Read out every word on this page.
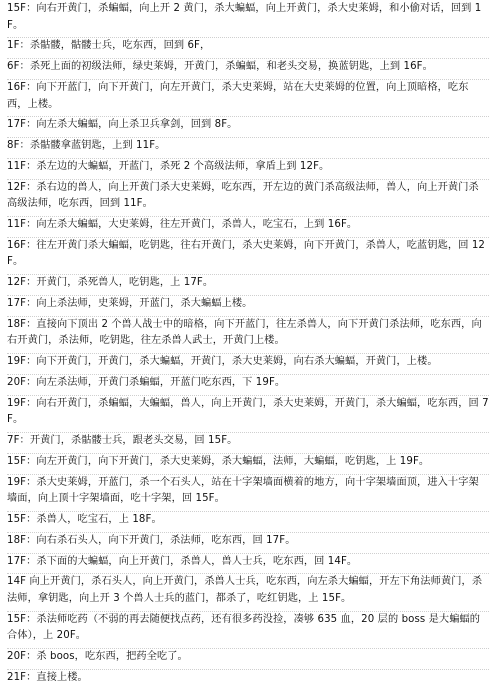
15F：向右开黄门，杀蝙蝠，向上开 2 黄门，杀大蝙蝠，向上开黄门，杀大史莱姆，和小偷对话，回到 1F。
1F：杀骷髅，骷髅士兵，吃东西，回到 6F，
6F：杀死上面的初级法师，绿史莱姆，开黄门，杀蝙蝠，和老头交易，换蓝钥匙，上到 16F。
16F：向下开蓝门，向下开黄门，向左开黄门，杀大史莱姆，站在大史莱姆的位置，向上顶暗格，吃东西，上楼。
17F：向左杀大蝙蝠，向上杀卫兵拿剑，回到 8F。
8F：杀骷髅拿蓝钥匙，上到 11F。
11F：杀左边的大蝙蝠，开蓝门，杀死 2 个高级法师，拿盾上到 12F。
12F：杀右边的兽人，向上开黄门杀大史莱姆，吃东西，开左边的黄门杀高级法师，兽人，向上开黄门杀高级法师，吃东西，回到 11F。
11F：向左杀大蝙蝠，大史莱姆，往左开黄门，杀兽人，吃宝石，上到 16F。
16F：往左开黄门杀大蝙蝠，吃钥匙，往右开黄门，杀大史莱姆，向下开黄门，杀兽人，吃蓝钥匙，回 12F。
12F：开黄门，杀死兽人，吃钥匙，上 17F。
17F：向上杀法师，史莱姆，开蓝门，杀大蝙蝠上楼。
18F：直接向下顶出 2 个兽人战士中的暗格，向下开蓝门，往左杀兽人，向下开黄门杀法师，吃东西，向右开黄门，杀法师，吃钥匙，往左杀兽人武士，开黄门上楼。
19F：向下开黄门，开黄门，杀大蝙蝠，开黄门，杀大史莱姆，向右杀大蝙蝠，开黄门，上楼。
20F：向左杀法师，开黄门杀蝙蝠，开蓝门吃东西，下 19F。
19F：向右开黄门，杀蝙蝠，大蝙蝠，兽人，向上开黄门，杀大史莱姆，开黄门，杀大蝙蝠，吃东西，回 7F。
7F：开黄门，杀骷髅士兵，跟老头交易，回 15F。
15F：向左开黄门，向下开黄门，杀大史莱姆，杀大蝙蝠，法师，大蝙蝠，吃钥匙，上 19F。
19F：杀大史莱姆，开蓝门，杀一个石头人，站在十字架墙面横着的地方，向十字架墙面顶，进入十字架墙面，向上顶十字架墙面，吃十字架，回 15F。
15F：杀兽人，吃宝石，上 18F。
18F：向右杀石头人，向下开黄门，杀法师，吃东西，回 17F。
17F：杀下面的大蝙蝠，向上开黄门，杀兽人，兽人士兵，吃东西，回 14F。
14F 向上开黄门，杀石头人，向上开黄门，杀兽人士兵，吃东西，向左杀大蝙蝠，开左下角法师黄门，杀法师，拿钥匙，向上开 3 个兽人士兵的蓝门，都杀了，吃红钥匙，上 15F。
15F：杀法师吃药（不弱的再去随便找点药，还有很多药没捡，凑够 635 血，20 层的 boss 是大蝙蝠的合体），上 20F。
20F：杀 boos，吃东西，把药全吃了。
21F：直接上楼。
